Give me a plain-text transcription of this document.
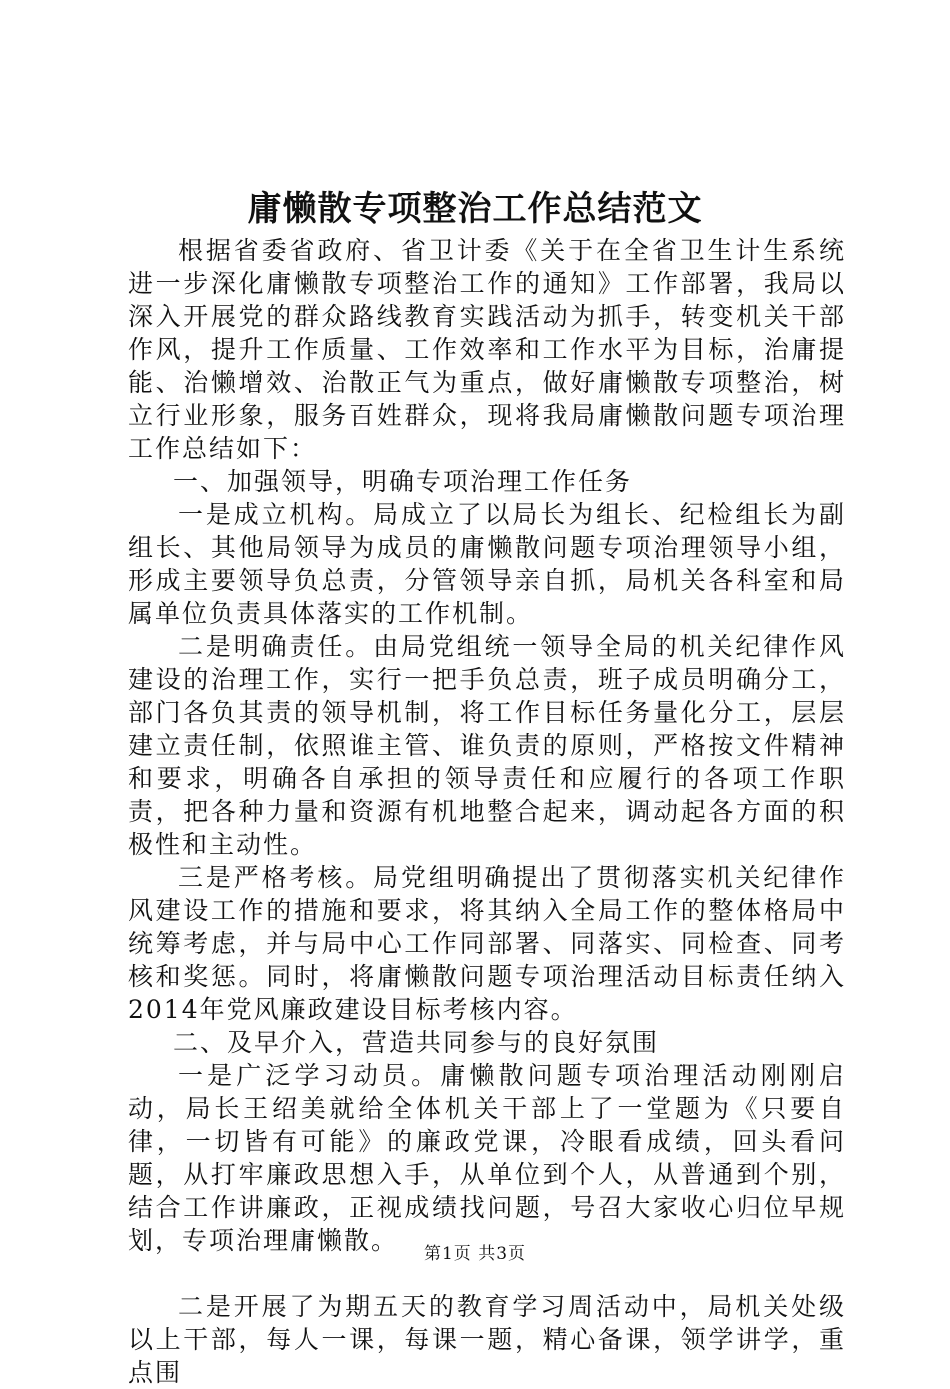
庸懒散专项整治工作总结范文

根据省委省政府、省卫计委《关于在全省卫生计生系统进一步深化庸懒散专项整治工作的通知》工作部署，我局以深入开展党的群众路线教育实践活动为抓手，转变机关干部作风，提升工作质量、工作效率和工作水平为目标，治庸提能、治懒增效、治散正气为重点，做好庸懒散专项整治，树立行业形象，服务百姓群众，现将我局庸懒散问题专项治理工作总结如下：

一、加强领导，明确专项治理工作任务

一是成立机构。局成立了以局长为组长、纪检组长为副组长、其他局领导为成员的庸懒散问题专项治理领导小组，形成主要领导负总责，分管领导亲自抓，局机关各科室和局属单位负责具体落实的工作机制。

二是明确责任。由局党组统一领导全局的机关纪律作风建设的治理工作，实行一把手负总责，班子成员明确分工，部门各负其责的领导机制，将工作目标任务量化分工，层层建立责任制，依照谁主管、谁负责的原则，严格按文件精神和要求，明确各自承担的领导责任和应履行的各项工作职责，把各种力量和资源有机地整合起来，调动起各方面的积极性和主动性。

三是严格考核。局党组明确提出了贯彻落实机关纪律作风建设工作的措施和要求，将其纳入全局工作的整体格局中统筹考虑，并与局中心工作同部署、同落实、同检查、同考核和奖惩。同时，将庸懒散问题专项治理活动目标责任纳入2014年党风廉政建设目标考核内容。

二、及早介入，营造共同参与的良好氛围

一是广泛学习动员。庸懒散问题专项治理活动刚刚启动，局长王绍美就给全体机关干部上了一堂题为《只要自律，一切皆有可能》的廉政党课，冷眼看成绩，回头看问题，从打牢廉政思想入手，从单位到个人，从普通到个别，结合工作讲廉政，正视成绩找问题，号召大家收心归位早规划，专项治理庸懒散。

二是开展了为期五天的教育学习周活动中，局机关处级以上干部，每人一课，每课一题，精心备课，领学讲学，重点围

第1页 共3页
